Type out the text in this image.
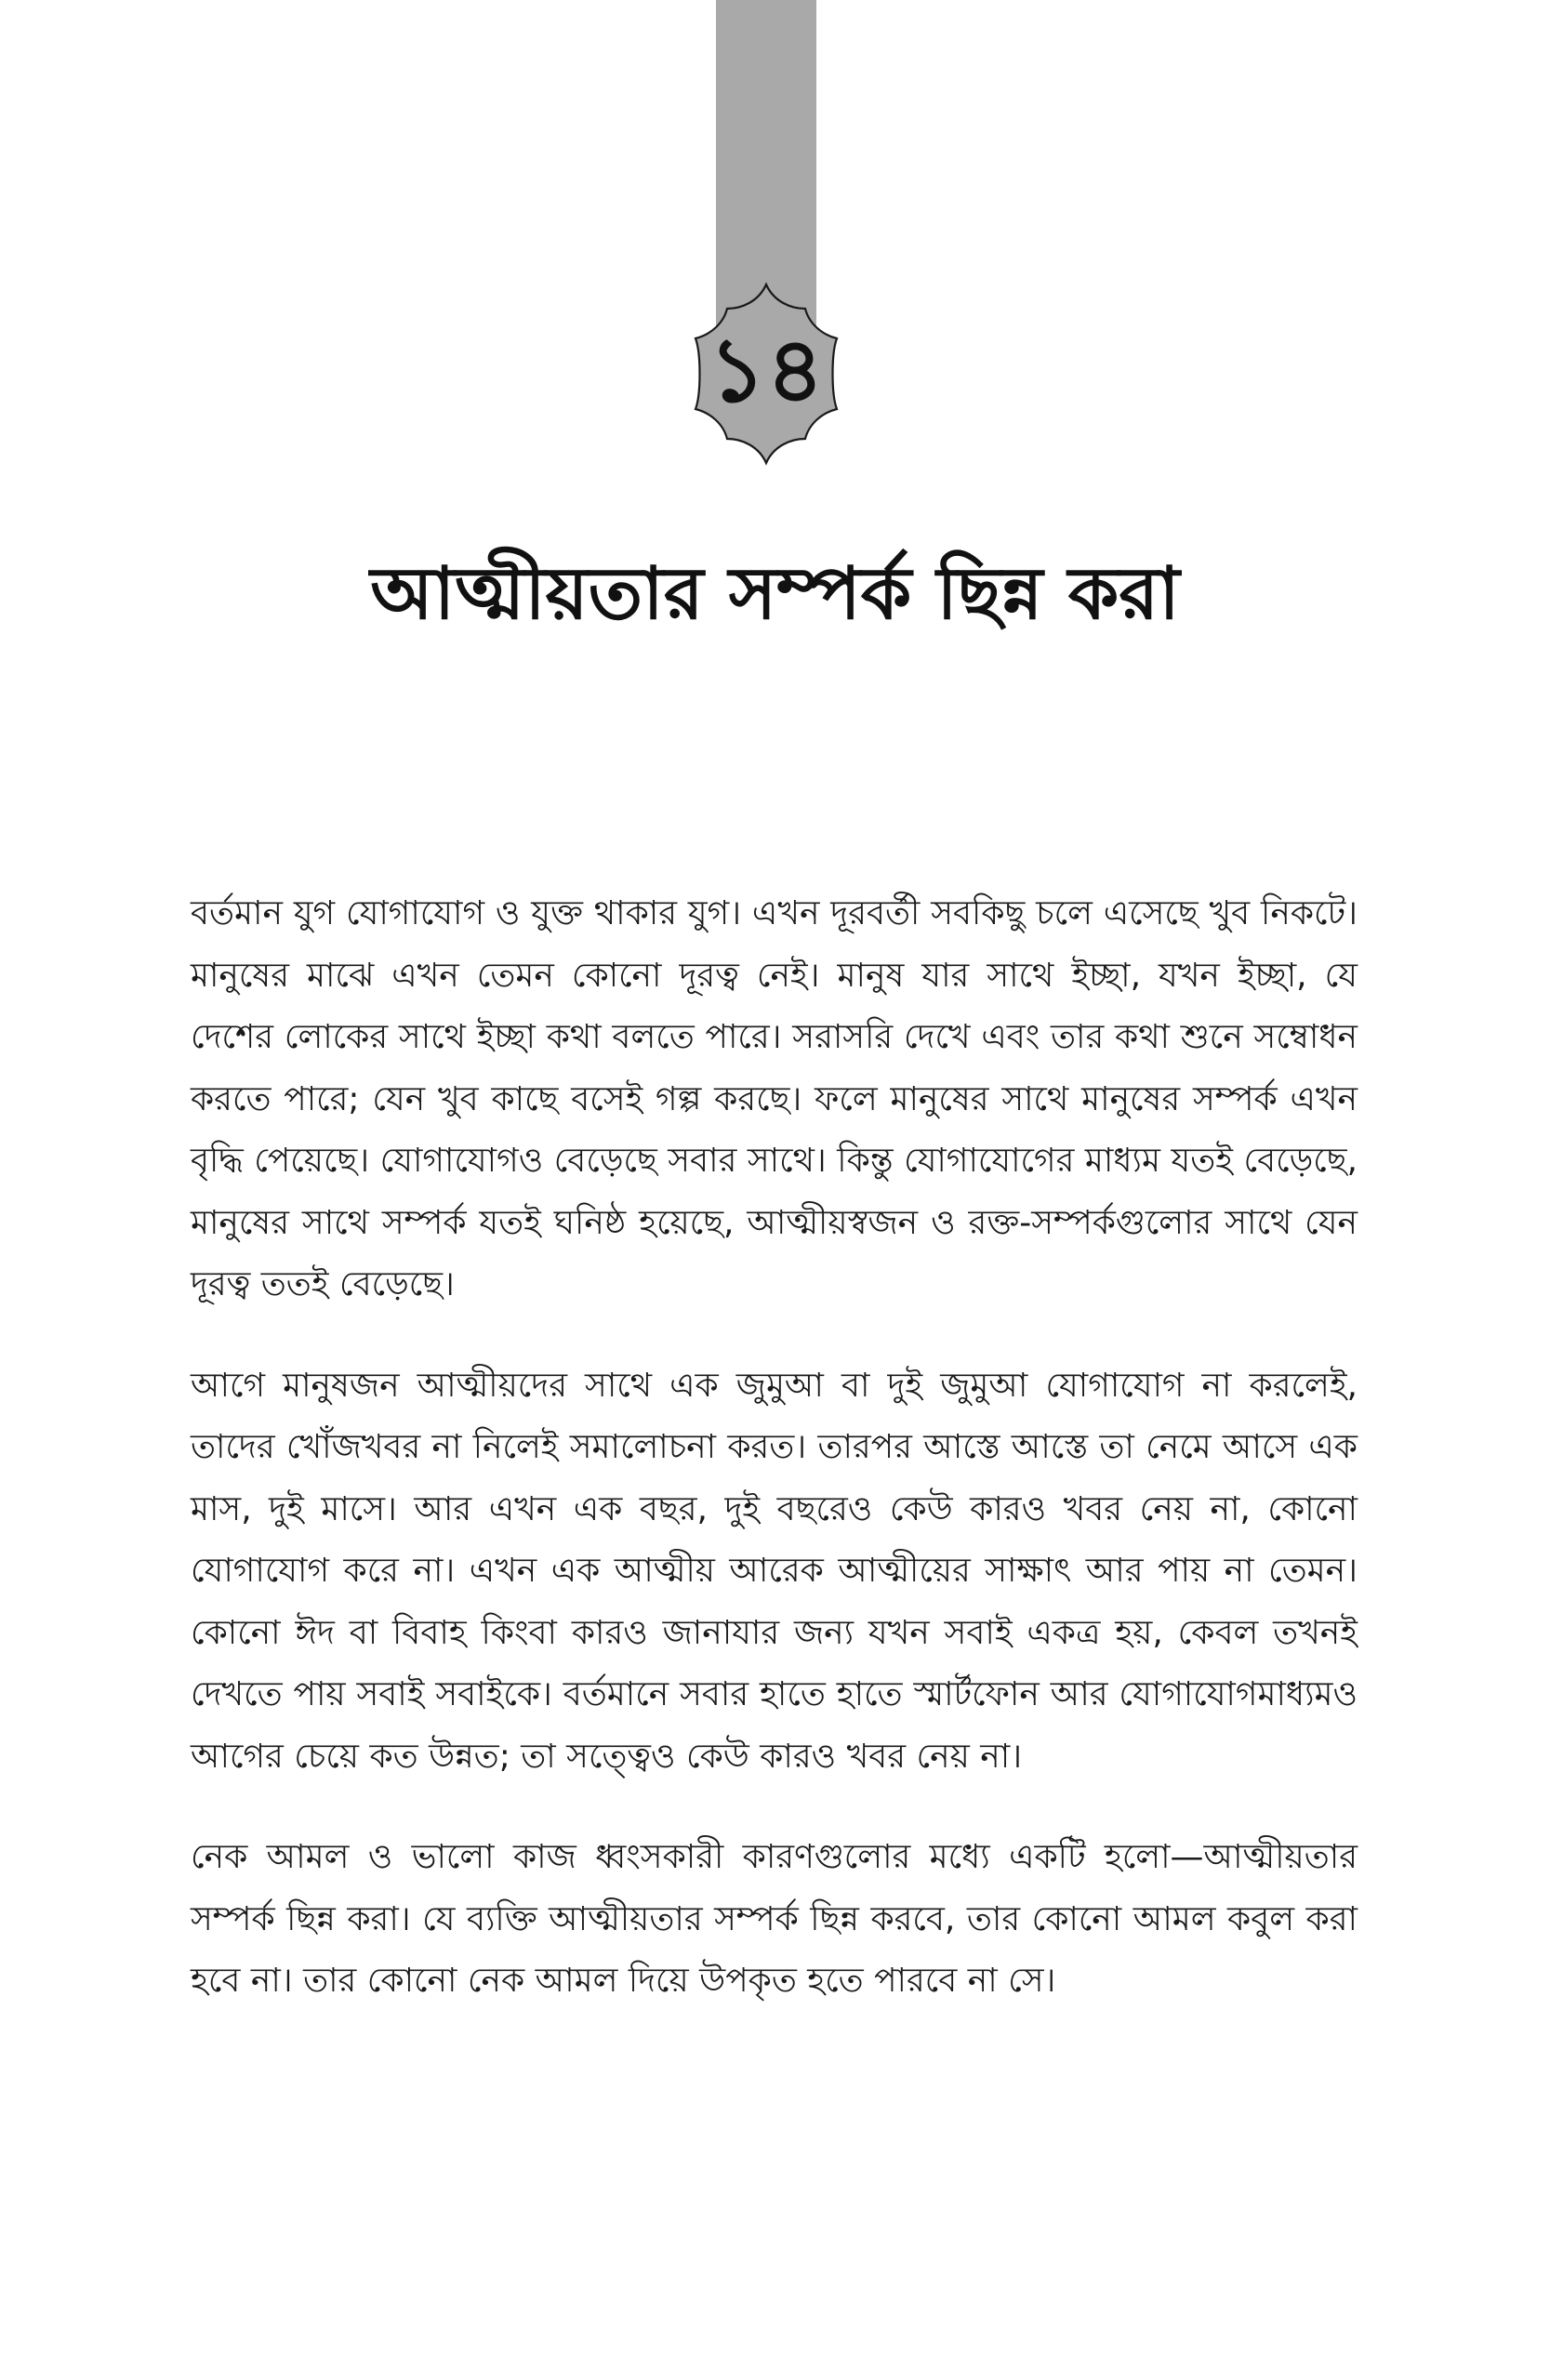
১৪
আত্মীয়তার সম্পর্ক ছিন্ন করা

বর্তমান যুগ যোগাযোগ ও যুক্ত থাকার যুগ। এখন দূরবর্তী সবকিছু চলে এসেছে খুব নিকটে। মানুষের মাঝে এখন তেমন কোনো দূরত্ব নেই। মানুষ যার সাথে ইচ্ছা, যখন ইচ্ছা, যে দেশের লোকের সাথে ইচ্ছা কথা বলতে পারে। সরাসরি দেখে এবং তার কথা শুনে সম্বোধন করতে পারে; যেন খুব কাছে বসেই গল্প করছে। ফলে মানুষের সাথে মানুষের সম্পর্ক এখন বৃদ্ধি পেয়েছে। যোগাযোগও বেড়েছে সবার সাথে। কিন্তু যোগাযোগের মাধ্যম যতই বেড়েছে, মানুষের সাথে সম্পর্ক যতই ঘনিষ্ঠ হয়েছে, আত্মীয়স্বজন ও রক্ত-সম্পর্কগুলোর সাথে যেন দূরত্ব ততই বেড়েছে।

আগে মানুষজন আত্মীয়দের সাথে এক জুমুআ বা দুই জুমুআ যোগাযোগ না করলেই, তাদের খোঁজখবর না নিলেই সমালোচনা করত। তারপর আস্তে আস্তে তা নেমে আসে এক মাস, দুই মাসে। আর এখন এক বছর, দুই বছরেও কেউ কারও খবর নেয় না, কোনো যোগাযোগ করে না। এখন এক আত্মীয় আরেক আত্মীয়ের সাক্ষাৎ আর পায় না তেমন। কোনো ঈদ বা বিবাহ কিংবা কারও জানাযার জন্য যখন সবাই একত্র হয়, কেবল তখনই দেখতে পায় সবাই সবাইকে। বর্তমানে সবার হাতে হাতে স্মার্টফোন আর যোগাযোগমাধ্যমও আগের চেয়ে কত উন্নত; তা সত্ত্বেও কেউ কারও খবর নেয় না।

নেক আমল ও ভালো কাজ ধ্বংসকারী কারণগুলোর মধ্যে একটি হলো—আত্মীয়তার সম্পর্ক ছিন্ন করা। যে ব্যক্তি আত্মীয়তার সম্পর্ক ছিন্ন করবে, তার কোনো আমল কবুল করা হবে না। তার কোনো নেক আমল দিয়ে উপকৃত হতে পারবে না সে।
